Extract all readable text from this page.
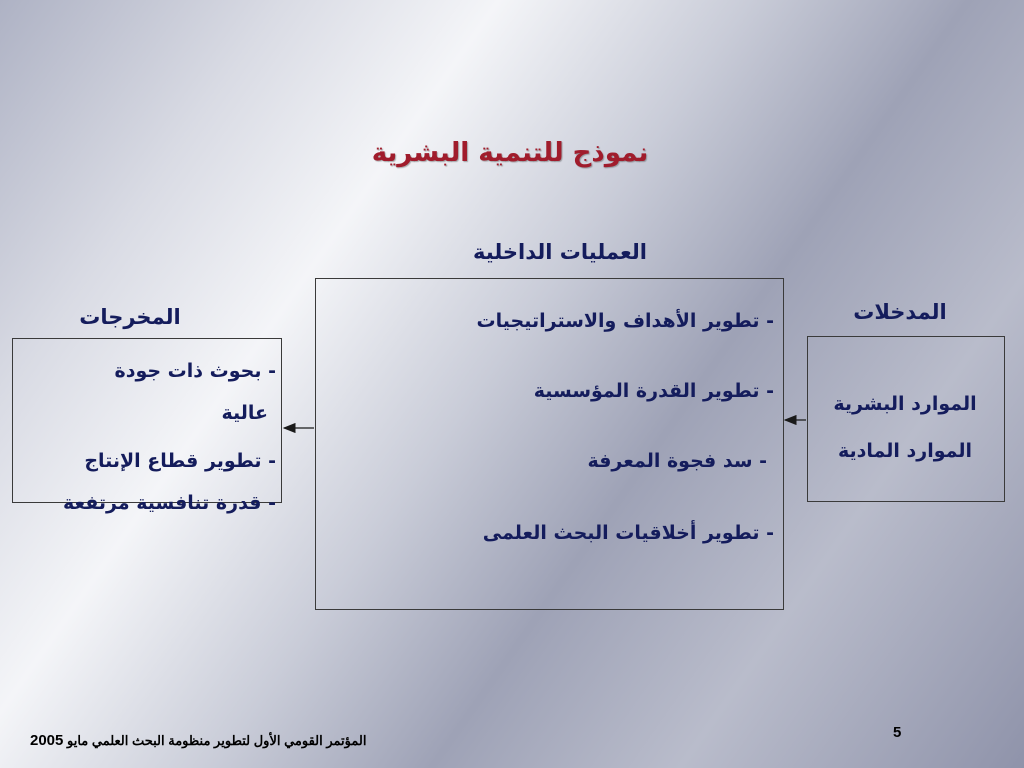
نموذج للتنمية البشرية
العمليات الداخلية
المخرجات	المدخلات
الموارد البشرية
الموارد المادية
- تطوير الأهداف والاستراتيجيات
- تطوير القدرة المؤسسية
- سد فجوة المعرفة
- تطوير أخلاقيات البحث العلمى
- بحوث ذات جودة
عالية
- تطوير قطاع الإنتاج
- قدرة تنافسية مرتفعة
2005 المؤتمر القومي الأول لتطوير منظومة البحث العلمي مايو	5
